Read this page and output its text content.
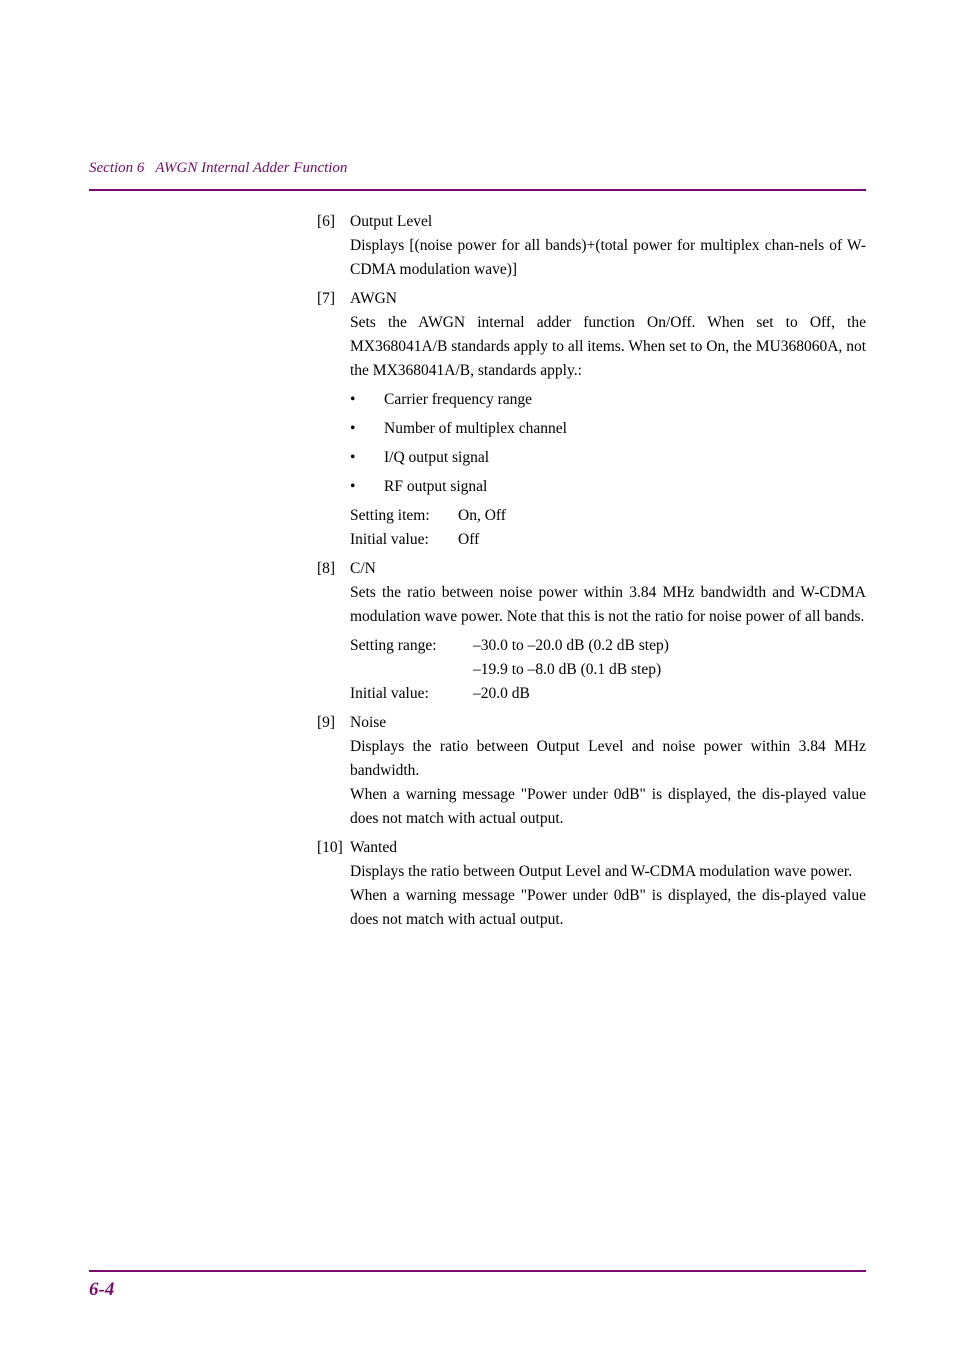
Section 6   AWGN Internal Adder Function
[6] Output Level

Displays [(noise power for all bands)+(total power for multiplex chan-nels of W-CDMA modulation wave)]

[7] AWGN

Sets the AWGN internal adder function On/Off. When set to Off, the MX368041A/B standards apply to all items. When set to On, the MU368060A, not the MX368041A/B, standards apply.:

•	Carrier frequency range
•	Number of multiplex channel
•	I/Q output signal
•	RF output signal
Setting item:	On, Off
Initial value:	Off
[8] C/N

Sets the ratio between noise power within 3.84 MHz bandwidth and W-CDMA modulation wave power. Note that this is not the ratio for noise power of all bands.

Setting range:	–30.0 to –20.0 dB (0.2 dB step)
–19.9 to –8.0 dB (0.1 dB step)
Initial value:	–20.0 dB
[9] Noise

Displays the ratio between Output Level and noise power within 3.84 MHz bandwidth.

When a warning message "Power under 0dB" is displayed, the dis-played value does not match with actual output.

[10] Wanted

Displays the ratio between Output Level and W-CDMA modulation wave power.

When a warning message "Power under 0dB" is displayed, the dis-played value does not match with actual output.

6-4
